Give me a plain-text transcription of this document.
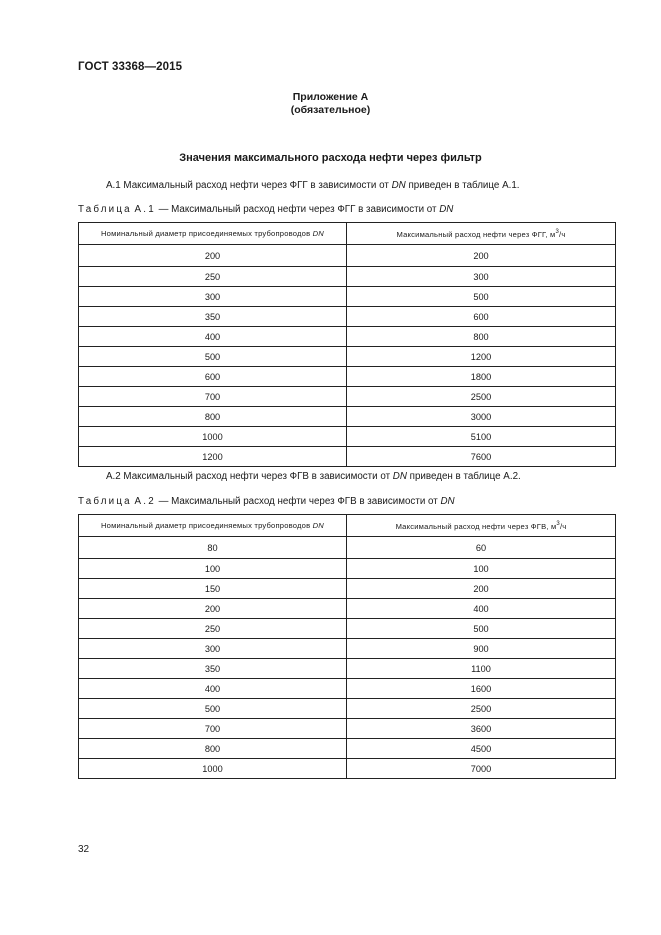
ГОСТ 33368—2015
Приложение А
(обязательное)
Значения максимального расхода нефти через фильтр
А.1 Максимальный расход нефти через ФГГ в зависимости от DN приведен в таблице А.1.
Таблица А.1 — Максимальный расход нефти через ФГГ в зависимости от DN
Номинальный диаметр присоединяемых трубопроводов DN	Максимальный расход нефти через ФГГ, $м^3/ч$
200	200
250	300
300	500
350	600
400	800
500	1200
600	1800
700	2500
800	3000
1000	5100
1200	7600
А.2 Максимальный расход нефти через ФГВ в зависимости от DN приведен в таблице А.2.
Таблица А.2 — Максимальный расход нефти через ФГВ в зависимости от DN
Номинальный диаметр присоединяемых трубопроводов DN	Максимальный расход нефти через ФГВ, $м^3/ч$
80	60
100	100
150	200
200	400
250	500
300	900
350	1100
400	1600
500	2500
700	3600
800	4500
1000	7000
32
